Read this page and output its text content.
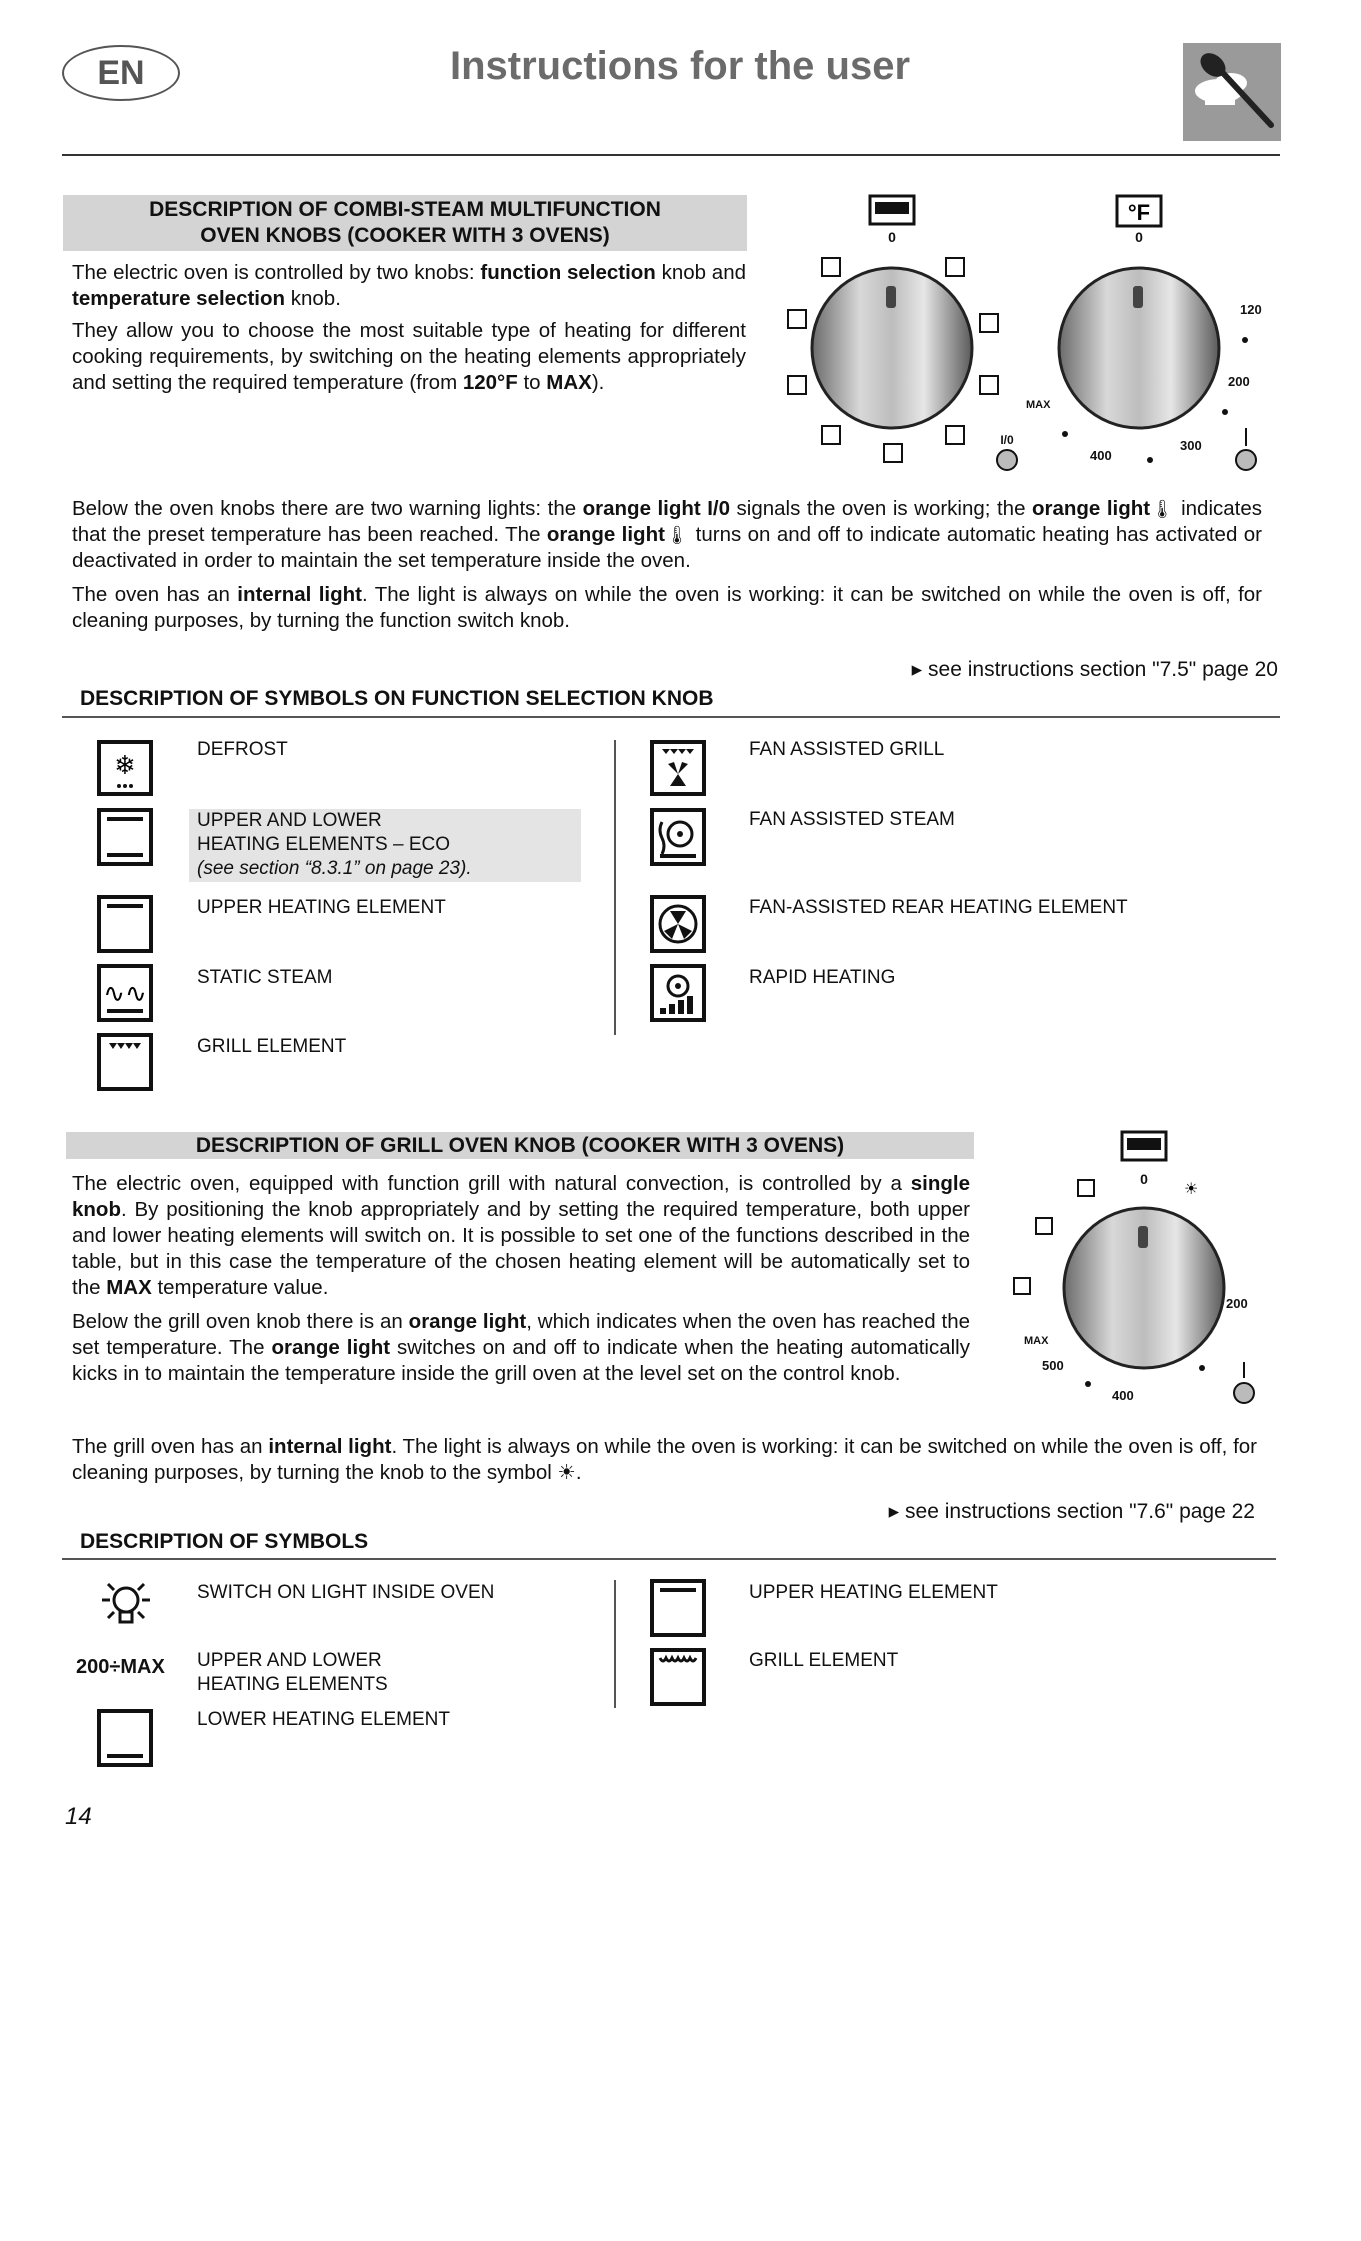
EN	Instructions for the user
DESCRIPTION OF COMBI-STEAM MULTIFUNCTION
OVEN KNOBS (COOKER WITH 3 OVENS)

The electric oven is controlled by two knobs: function selection knob and temperature selection knob.

They allow you to choose the most suitable type of heating for different cooking requirements, by switching on the heating elements appropriately and setting the required temperature (from 120°F to MAX).

0
I/0
°F
0
120
200
300
400
MAX

Below the oven knobs there are two warning lights: the orange light I/0 signals the oven is working; the orange light🌡 indicates that the preset temperature has been reached. The orange light🌡 turns on and off to indicate automatic heating has activated or deactivated in order to maintain the set temperature inside the oven.

The oven has an internal light. The light is always on while the oven is working: it can be switched on while the oven is off, for cleaning purposes, by turning the function switch knob.

▸ see instructions section "7.5" page 20
DESCRIPTION OF SYMBOLS ON FUNCTION SELECTION KNOB
❄
DEFROST
UPPER AND LOWER
HEATING ELEMENTS – ECO
(see section “8.3.1” on page 23).
UPPER HEATING ELEMENT
∿∿
STATIC STEAM
GRILL ELEMENT
FAN ASSISTED GRILL
FAN ASSISTED STEAM
FAN-ASSISTED REAR HEATING ELEMENT
RAPID HEATING
DESCRIPTION OF GRILL OVEN KNOB (COOKER WITH 3 OVENS)

The electric oven, equipped with function grill with natural convection, is controlled by a single knob. By positioning the knob appropriately and by setting the required temperature, both upper and lower heating elements will switch on. It is possible to set one of the functions described in the table, but in this case the temperature of the chosen heating element will be automatically set to the MAX temperature value.

Below the grill oven knob there is an orange light, which indicates when the oven has reached the set temperature. The orange light switches on and off to indicate when the heating automatically kicks in to maintain the temperature inside the grill oven at the level set on the control knob.

0 ☀
200
400
500
MAX

The grill oven has an internal light. The light is always on while the oven is working: it can be switched on while the oven is off, for cleaning purposes, by turning the knob to the symbol ☀.

▸ see instructions section "7.6" page 22
DESCRIPTION OF SYMBOLS
SWITCH ON LIGHT INSIDE OVEN
200÷MAX UPPER AND LOWER
HEATING ELEMENTS
LOWER HEATING ELEMENT
UPPER HEATING ELEMENT
GRILL ELEMENT
14
